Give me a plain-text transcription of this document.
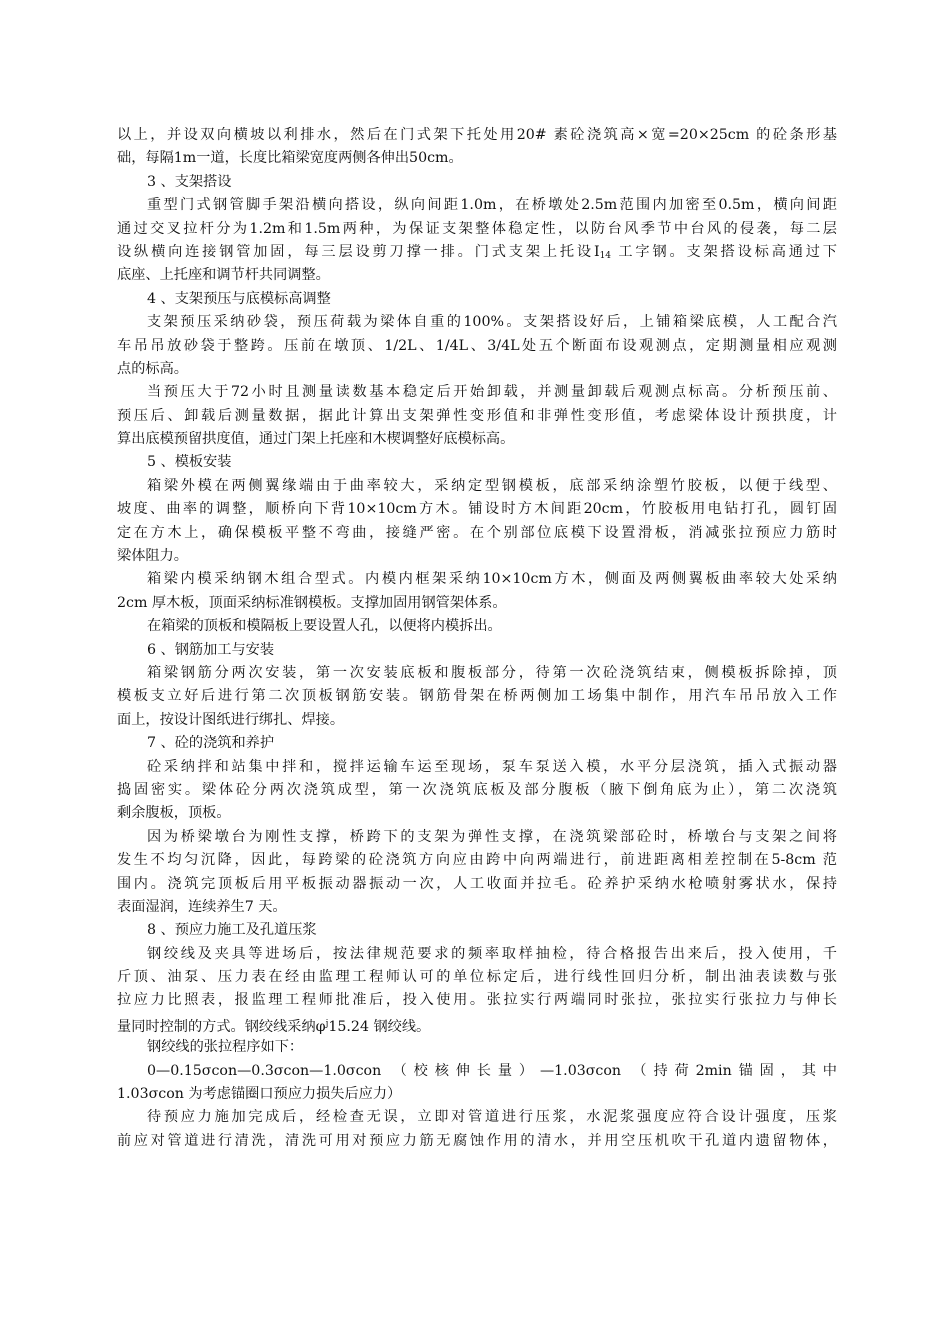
以上，并设双向横坡以利排水，然后在门式架下托处用20# 素砼浇筑高×宽=20×25cm 的砼条形基
础，每隔1m一道，长度比箱梁宽度两侧各伸出50cm。
3 、支架搭设
重型门式钢管脚手架沿横向搭设，纵向间距1.0m，在桥墩处2.5m范围内加密至0.5m，横向间距
通过交叉拉杆分为1.2m和1.5m两种，为保证支架整体稳定性，以防台风季节中台风的侵袭，每二层
设纵横向连接钢管加固，每三层设剪刀撑一排。门式支架上托设$I_{14}$ 工字钢。支架搭设标高通过下
底座、上托座和调节杆共同调整。
4 、支架预压与底模标高调整
支架预压采纳砂袋，预压荷载为梁体自重的100%。支架搭设好后，上铺箱梁底模，人工配合汽
车吊吊放砂袋于整跨。压前在墩顶、1/2L、1/4L、3/4L处五个断面布设观测点，定期测量相应观测
点的标高。
当预压大于72小时且测量读数基本稳定后开始卸载，并测量卸载后观测点标高。分析预压前、
预压后、卸载后测量数据，据此计算出支架弹性变形值和非弹性变形值，考虑梁体设计预拱度，计
算出底模预留拱度值，通过门架上托座和木楔调整好底模标高。
5 、模板安装
箱梁外模在两侧翼缘端由于曲率较大，采纳定型钢模板，底部采纳涂塑竹胶板，以便于线型、
坡度、曲率的调整，顺桥向下背10×10cm方木。铺设时方木间距20cm，竹胶板用电钻打孔，圆钉固
定在方木上，确保模板平整不弯曲，接缝严密。在个别部位底模下设置滑板，消减张拉预应力筋时
梁体阻力。
箱梁内模采纳钢木组合型式。内模内框架采纳10×10cm方木，侧面及两侧翼板曲率较大处采纳
2cm 厚木板，顶面采纳标准钢模板。支撑加固用钢管架体系。
在箱梁的顶板和模隔板上要设置人孔，以便将内模拆出。
6 、钢筋加工与安装
箱梁钢筋分两次安装，第一次安装底板和腹板部分，待第一次砼浇筑结束，侧模板拆除掉，顶
模板支立好后进行第二次顶板钢筋安装。钢筋骨架在桥两侧加工场集中制作，用汽车吊吊放入工作
面上，按设计图纸进行绑扎、焊接。
7 、砼的浇筑和养护
砼采纳拌和站集中拌和，搅拌运输车运至现场，泵车泵送入模，水平分层浇筑，插入式振动器
捣固密实。梁体砼分两次浇筑成型，第一次浇筑底板及部分腹板（腋下倒角底为止），第二次浇筑
剩余腹板，顶板。
因为桥梁墩台为刚性支撑，桥跨下的支架为弹性支撑，在浇筑梁部砼时，桥墩台与支架之间将
发生不均匀沉降，因此，每跨梁的砼浇筑方向应由跨中向两端进行，前进距离相差控制在5-8cm 范
围内。浇筑完顶板后用平板振动器振动一次，人工收面并拉毛。砼养护采纳水枪喷射雾状水，保持
表面湿润，连续养生7 天。
8 、预应力施工及孔道压浆
钢绞线及夹具等进场后，按法律规范要求的频率取样抽检，待合格报告出来后，投入使用，千
斤顶、油泵、压力表在经由监理工程师认可的单位标定后，进行线性回归分析，制出油表读数与张
拉应力比照表，报监理工程师批准后，投入使用。张拉实行两端同时张拉，张拉实行张拉力与伸长
量同时控制的方式。钢绞线采纳$\varphi^j15.24$ 钢绞线。
钢绞线的张拉程序如下：
0—0.15σcon—0.3σcon—1.0σcon （校核伸长量）—1.03σcon （持荷2min锚固，其中
1.03σcon 为考虑锚圈口预应力损失后应力）
待预应力施加完成后，经检查无误，立即对管道进行压浆，水泥浆强度应符合设计强度，压浆
前应对管道进行清洗，清洗可用对预应力筋无腐蚀作用的清水，并用空压机吹干孔道内遗留物体，
